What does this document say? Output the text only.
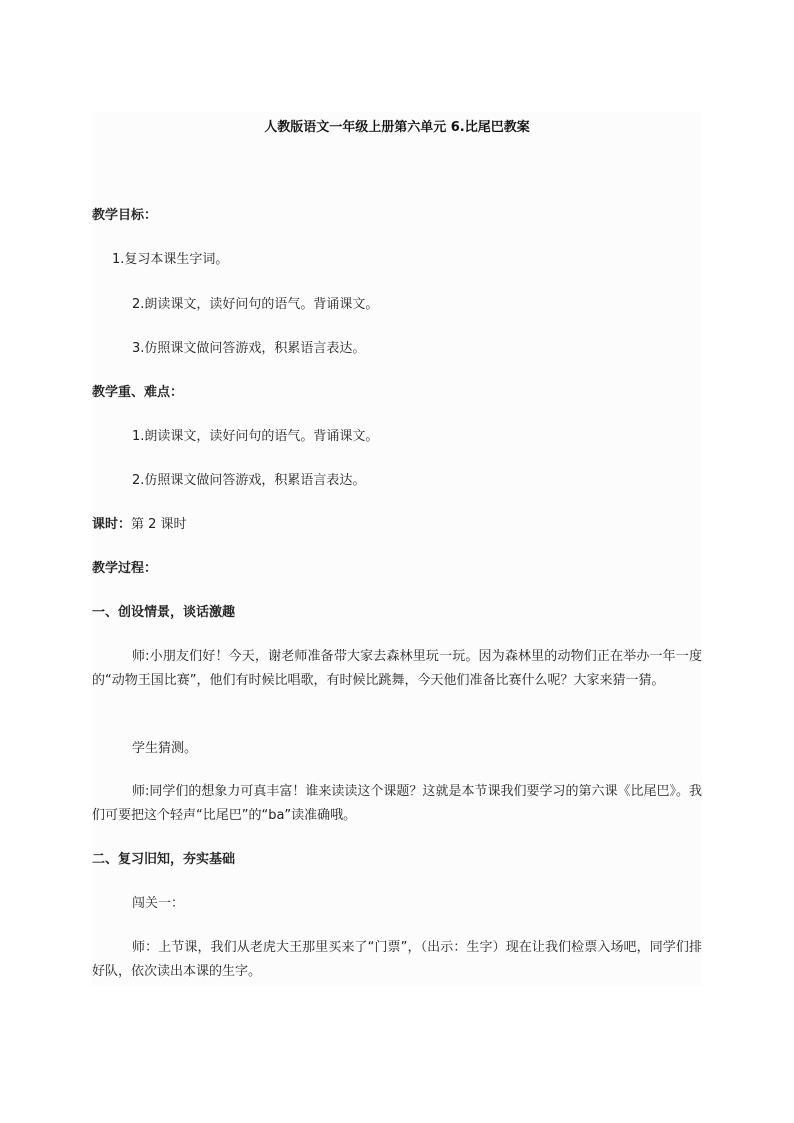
人教版语文一年级上册第六单元 6.比尾巴教案
教学目标：
1.复习本课生字词。
2.朗读课文，读好问句的语气。背诵课文。
3.仿照课文做问答游戏，积累语言表达。
教学重、难点：
1.朗读课文，读好问句的语气。背诵课文。
2.仿照课文做问答游戏，积累语言表达。
课时：第 2 课时
教学过程：
一、创设情景，谈话激趣
师:小朋友们好！今天，谢老师准备带大家去森林里玩一玩。因为森林里的动物们正在举办一年一度的“动物王国比赛”，他们有时候比唱歌，有时候比跳舞，今天他们准备比赛什么呢？大家来猜一猜。
学生猜测。
师:同学们的想象力可真丰富！谁来读读这个课题？这就是本节课我们要学习的第六课《比尾巴》。我们可要把这个轻声“比尾巴”的“ba”读准确哦。
二、复习旧知，夯实基础
闯关一：
师：上节课，我们从老虎大王那里买来了“门票”，（出示：生字）现在让我们检票入场吧，同学们排好队，依次读出本课的生字。
